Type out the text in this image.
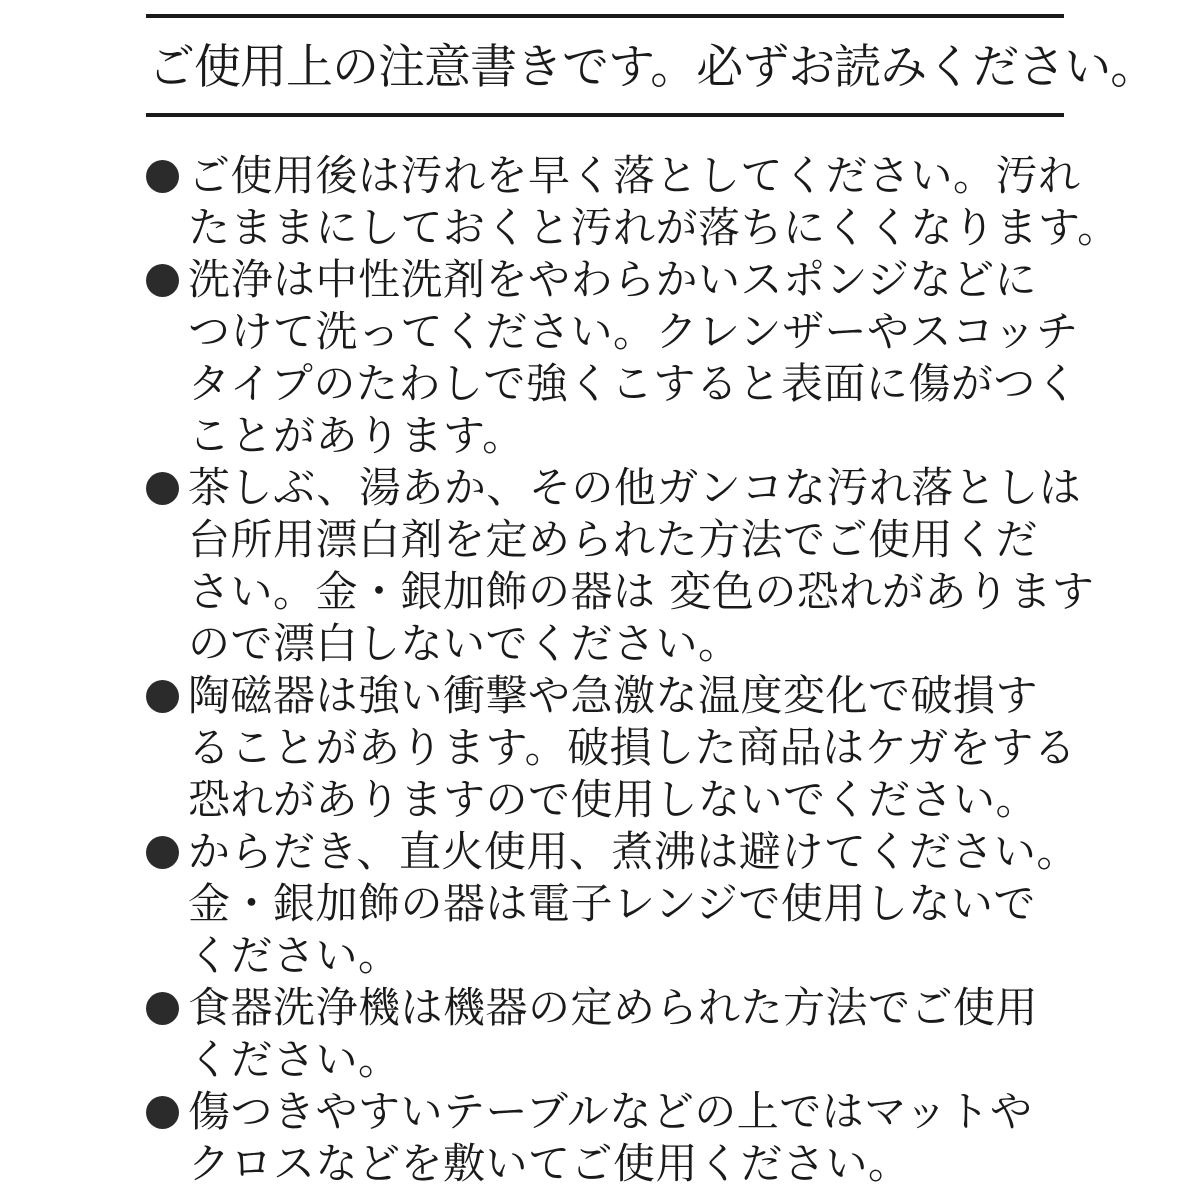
ご使用上の注意書きです。必ずお読みください。
ご使用後は汚れを早く落としてください。汚れ
たままにしておくと汚れが落ちにくくなります。
洗浄は中性洗剤をやわらかいスポンジなどに
つけて洗ってください。クレンザーやスコッチ
タイプのたわしで強くこすると表面に傷がつく
ことがあります。
茶しぶ、湯あか、その他ガンコな汚れ落としは
台所用漂白剤を定められた方法でご使用くだ
さい。金・銀加飾の器は 変色の恐れがあります
ので漂白しないでください。
陶磁器は強い衝撃や急激な温度変化で破損す
ることがあります。破損した商品はケガをする
恐れがありますので使用しないでください。
からだき、直火使用、煮沸は避けてください。
金・銀加飾の器は電子レンジで使用しないで
ください。
食器洗浄機は機器の定められた方法でご使用
ください。
傷つきやすいテーブルなどの上ではマットや
クロスなどを敷いてご使用ください。
